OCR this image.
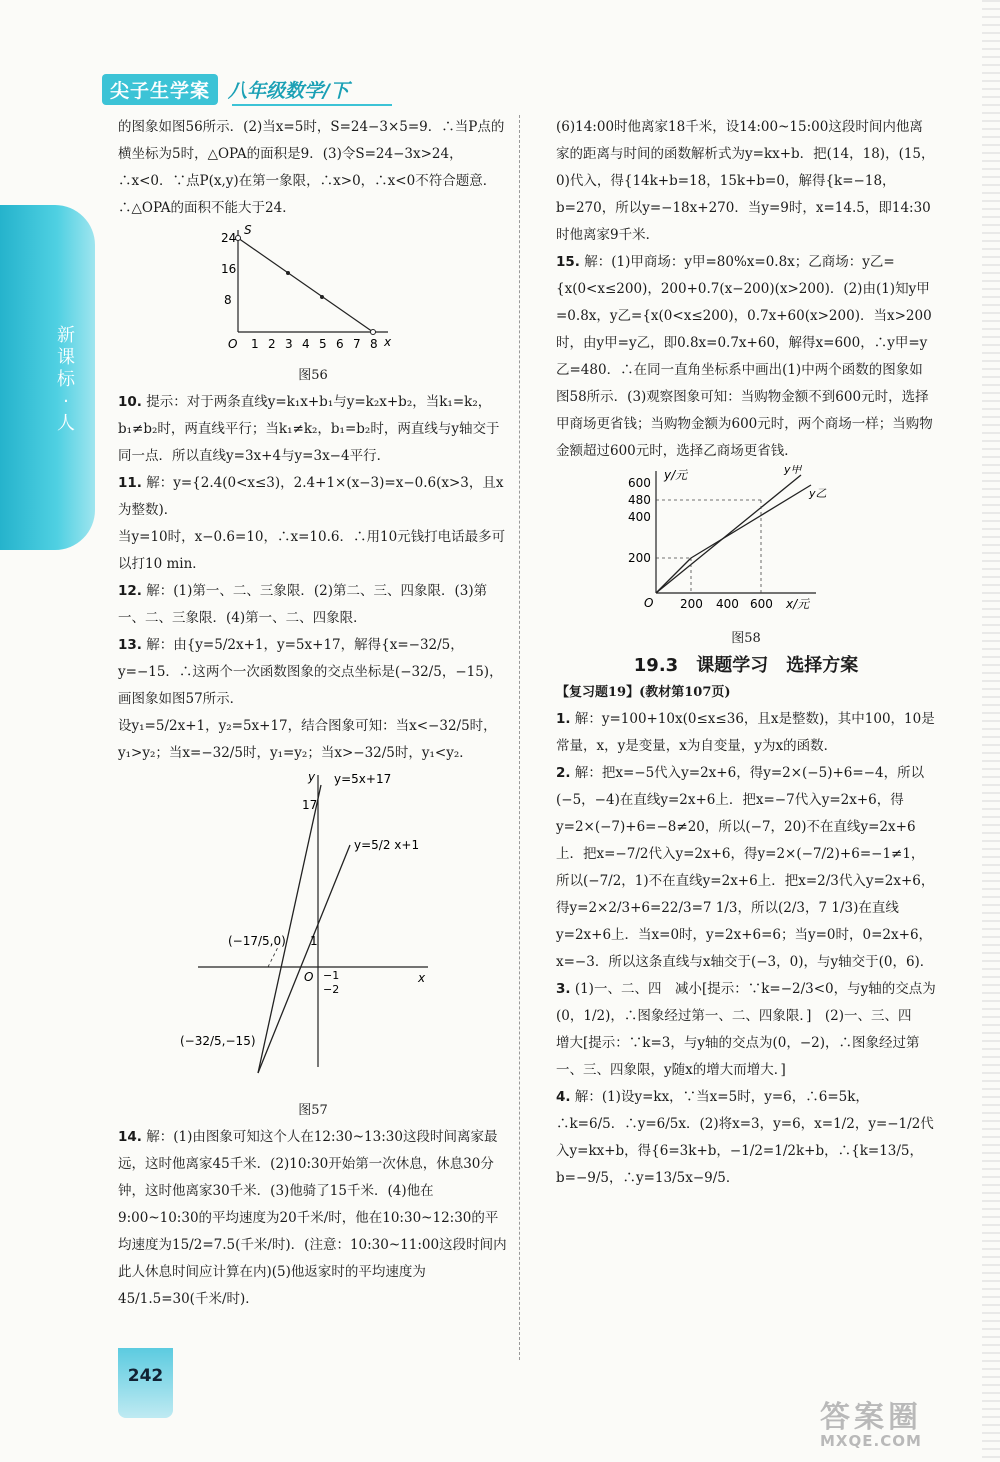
尖子生学案 八年级数学/下
新课标·人

的图象如图56所示．(2)当x=5时，S=24−3×5=9．∴当P点的横坐标为5时，△OPA的面积是9．(3)令S=24−3x>24，∴x<0．∵点P(x,y)在第一象限，∴x>0，∴x<0不符合题意．∴△OPA的面积不能大于24．

S
24
16
8
O 1 2 3 4 5 6 7 8 x

图56

10. 提示：对于两条直线y=k₁x+b₁与y=k₂x+b₂，当k₁=k₂，b₁≠b₂时，两直线平行；当k₁≠k₂，b₁=b₂时，两直线与y轴交于同一点．所以直线y=3x+4与y=3x−4平行．

11. 解：y={2.4(0<x≤3)，2.4+1×(x−3)=x−0.6(x>3，且x为整数)．

当y=10时，x−0.6=10，∴x=10.6．∴用10元钱打电话最多可以打10 min．

12. 解：(1)第一、二、三象限．(2)第二、三、四象限．(3)第一、二、三象限．(4)第一、二、四象限．

13. 解：由{y=5/2x+1，y=5x+17，解得{x=−32/5，y=−15．∴这两个一次函数图象的交点坐标是(−32/5，−15)，画图象如图57所示．

设y₁=5/2x+1，y₂=5x+17，结合图象可知：当x<−32/5时，y₁>y₂；当x=−32/5时，y₁=y₂；当x>−32/5时，y₁<y₂．

y y=5x+17
17
y=5/2 x+1
(−17/5,0) 1
O −1
−2
x
(−32/5,−15)

图57

14. 解：(1)由图象可知这个人在12:30~13:30这段时间离家最远，这时他离家45千米．(2)10:30开始第一次休息，休息30分钟，这时他离家30千米．(3)他骑了15千米．(4)他在9:00~10:30的平均速度为20千米/时，他在10:30~12:30的平均速度为15/2=7.5(千米/时)．(注意：10:30~11:00这段时间内此人休息时间应计算在内)(5)他返家时的平均速度为45/1.5=30(千米/时)．

(6)14:00时他离家18千米，设14:00~15:00这段时间内他离家的距离与时间的函数解析式为y=kx+b．把(14，18)，(15，0)代入，得{14k+b=18，15k+b=0，解得{k=−18，b=270，所以y=−18x+270．当y=9时，x=14.5，即14:30时他离家9千米．

15. 解：(1)甲商场：y甲=80%x=0.8x；乙商场：y乙={x(0<x≤200)，200+0.7(x−200)(x>200)．(2)由(1)知y甲=0.8x，y乙={x(0<x≤200)，0.7x+60(x>200)．当x>200时，由y甲=y乙，即0.8x=0.7x+60，解得x=600，∴y甲=y乙=480．∴在同一直角坐标系中画出(1)中两个函数的图象如图58所示．(3)观察图象可知：当购物金额不到600元时，选择甲商场更省钱；当购物金额为600元时，两个商场一样；当购物金额超过600元时，选择乙商场更省钱．

y/元	y甲
y乙
600
480
400
200
O 200 400 600 x/元

图58

19.3　课题学习　选择方案

【复习题19】(教材第107页)

1. 解：y=100+10x(0≤x≤36，且x是整数)，其中100，10是常量，x，y是变量，x为自变量，y为x的函数．

2. 解：把x=−5代入y=2x+6，得y=2×(−5)+6=−4，所以(−5，−4)在直线y=2x+6上．把x=−7代入y=2x+6，得y=2×(−7)+6=−8≠20，所以(−7，20)不在直线y=2x+6上．把x=−7/2代入y=2x+6，得y=2×(−7/2)+6=−1≠1，所以(−7/2，1)不在直线y=2x+6上．把x=2/3代入y=2x+6，得y=2×2/3+6=22/3=7 1/3，所以(2/3，7 1/3)在直线y=2x+6上．当x=0时，y=2x+6=6；当y=0时，0=2x+6，x=−3．所以这条直线与x轴交于(−3，0)，与y轴交于(0，6)．

3. (1)一、二、四　减小[提示：∵k=−2/3<0，与y轴的交点为(0，1/2)，∴图象经过第一、二、四象限．]　(2)一、三、四　增大[提示：∵k=3，与y轴的交点为(0，−2)，∴图象经过第一、三、四象限，y随x的增大而增大．]

4. 解：(1)设y=kx，∵当x=5时，y=6，∴6=5k，∴k=6/5．∴y=6/5x．(2)将x=3，y=6，x=1/2，y=−1/2代入y=kx+b，得{6=3k+b，−1/2=1/2k+b，∴{k=13/5，b=−9/5，∴y=13/5x−9/5．

242
答案圈
MXQE.COM
